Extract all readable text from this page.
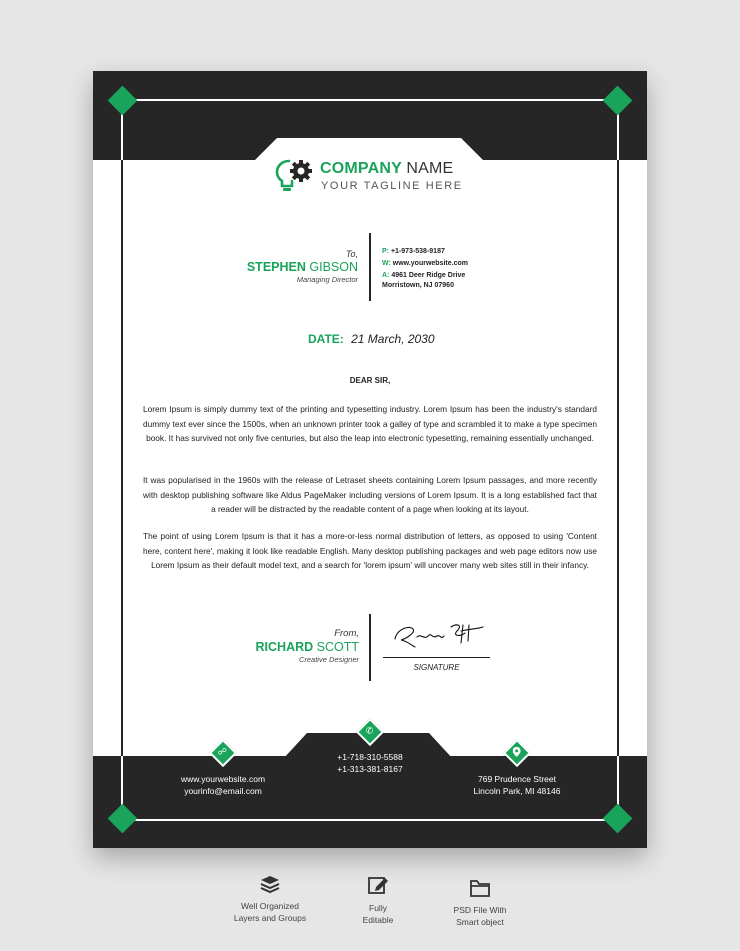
COMPANY NAME
YOUR TAGLINE HERE
To,
STEPHEN GIBSON
Managing Director
P: +1-973-538-9187
W: www.yourwebsite.com
A: 4961 Deer Ridge Drive
Morristown, NJ 07960
DATE: 21 March, 2030
DEAR SIR,

Lorem Ipsum is simply dummy text of the printing and typesetting industry. Lorem Ipsum has been the industry's standard dummy text ever since the 1500s, when an unknown printer took a galley of type and scrambled it to make a type specimen book. It has survived not only five centuries, but also the leap into electronic typesetting, remaining essentially unchanged.

It was popularised in the 1960s with the release of Letraset sheets containing Lorem Ipsum passages, and more recently with desktop publishing software like Aldus PageMaker including versions of Lorem Ipsum. It is a long established fact that a reader will be distracted by the readable content of a page when looking at its layout.

The point of using Lorem Ipsum is that it has a more-or-less normal distribution of letters, as opposed to using 'Content here, content here', making it look like readable English. Many desktop publishing packages and web page editors now use Lorem Ipsum as their default model text, and a search for 'lorem ipsum' will uncover many web sites still in their infancy.

From,
RICHARD SCOTT
Creative Designer
SIGNATURE
☍
✆
www.yourwebsite.com
yourinfo@email.com
+1-718-310-5588
+1-313-381-8167
769 Prudence Street
Lincoln Park, MI 48146
Well Organized
Layers and Groups
Fully
Editable
PSD File With
Smart object
